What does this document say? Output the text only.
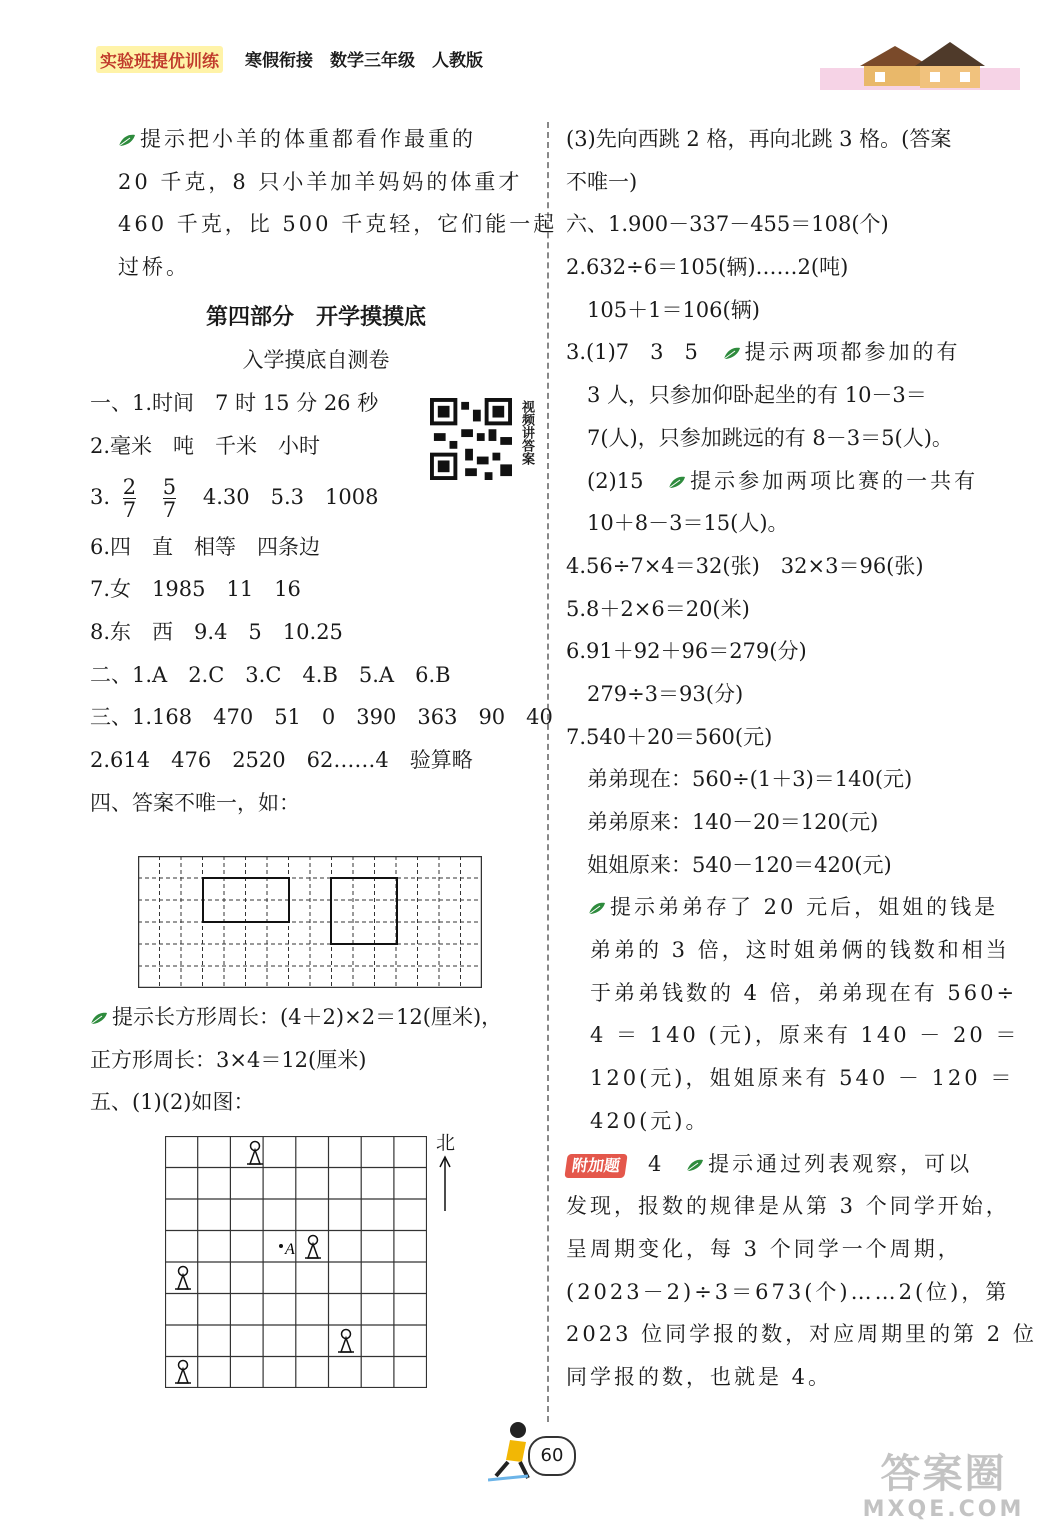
实验班提优训练 寒假衔接　数学三年级　人教版
提示把小羊的体重都看作最重的
20 千克，8 只小羊加羊妈妈的体重才
460 千克，比 500 千克轻，它们能一起
过桥。
第四部分　开学摸摸底
入学摸底自测卷
一、1.时间　7 时 15 分 26 秒
2.毫米　吨　千米　小时
3. $\frac{2}{7}$
$\frac{5}{7} 4.30$　5.3　1008
6.四　直　相等　四条边
7.女　1985　11　16
8.东　西　9.4　5　10.25
二、1.A　2.C　3.C　4.B　5.A　6.B
三、1.168　470　51　0　390　363　90　40
2.614　476　2520　62……4　验算略
四、答案不唯一，如：
视频讲答案
提示长方形周长：(4＋2)×2＝12(厘米)，
正方形周长：3×4＝12(厘米)
五、(1)(2)如图：
A
北
(3)先向西跳 2 格，再向北跳 3 格。(答案
不唯一)
六、1.900－337－455＝108(个)
2.632÷6＝105(辆)……2(吨)
　105＋1＝106(辆)
3.(1)7　3　5 提示两项都参加的有
　3 人，只参加仰卧起坐的有 10－3＝
　7(人)，只参加跳远的有 8－3＝5(人)。
　(2)15 提示参加两项比赛的一共有
　10＋8－3＝15(人)。
4.56÷7×4＝32(张)　32×3＝96(张)
5.8＋2×6＝20(米)
6.91＋92＋96＝279(分)
　279÷3＝93(分)
7.540＋20＝560(元)
　弟弟现在：560÷(1＋3)＝140(元)
　弟弟原来：140－20＝120(元)
　姐姐原来：540－120＝420(元)
提示弟弟存了 20 元后，姐姐的钱是
　弟弟的 3 倍，这时姐弟俩的钱数和相当
　于弟弟钱数的 4 倍，弟弟现在有 560÷
　4 ＝ 140 (元)，原来有 140 － 20 ＝
　120(元)，姐姐原来有 540 － 120 ＝
　420(元)。
附加题 4 提示通过列表观察，可以
发现，报数的规律是从第 3 个同学开始，
呈周期变化，每 3 个同学一个周期，
(2023－2)÷3＝673(个)……2(位)，第
2023 位同学报的数，对应周期里的第 2 位
同学报的数，也就是 4。
60	答案圈
MXQE.COM
